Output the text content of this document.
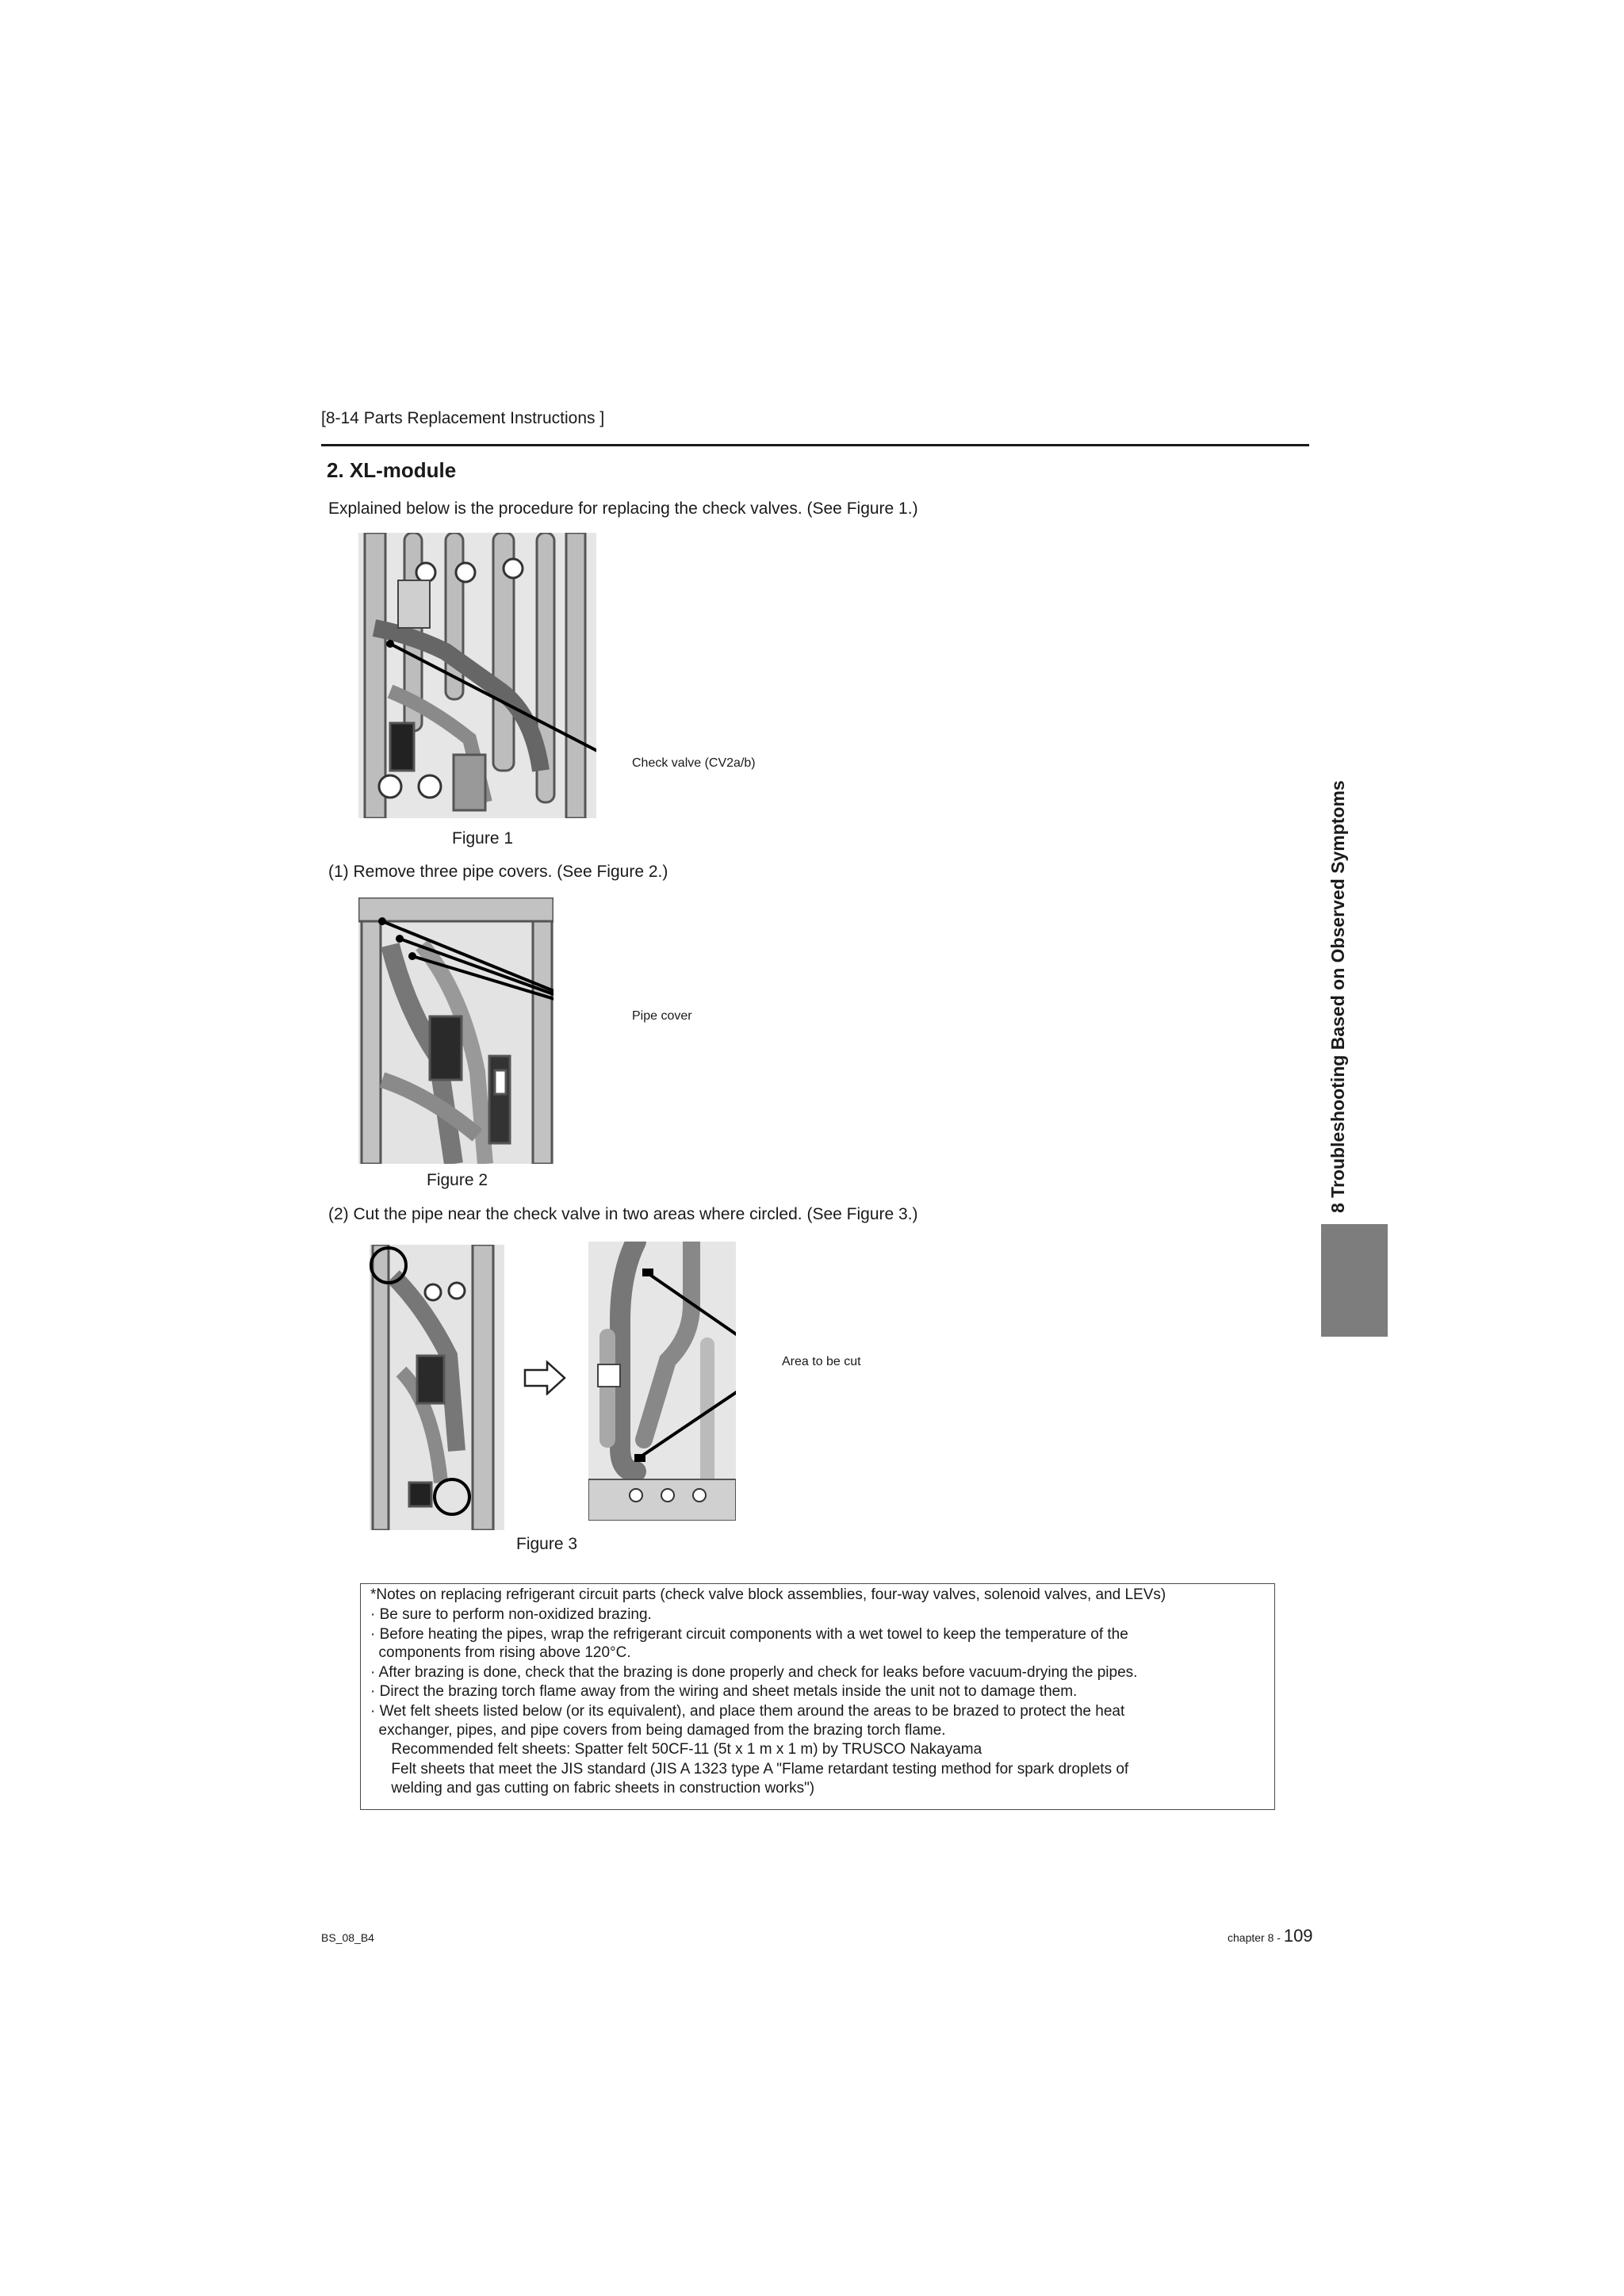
[8-14 Parts Replacement Instructions ]
2. XL-module
Explained below is the procedure for replacing the check valves. (See Figure 1.)
Check valve (CV2a/b)
Figure 1
(1) Remove three pipe covers. (See Figure 2.)
Pipe cover
Figure 2
(2) Cut the pipe near the check valve in two areas where circled. (See Figure 3.)
Area to be cut
Figure 3
8 Troubleshooting Based on Observed Symptoms
*Notes on replacing refrigerant circuit parts (check valve block assemblies, four-way valves, solenoid valves, and LEVs)
· Be sure to perform non-oxidized brazing.
· Before heating the pipes, wrap the refrigerant circuit components with a wet towel to keep the temperature of the
components from rising above 120°C.
· After brazing is done, check that the brazing is done properly and check for leaks before vacuum-drying the pipes.
· Direct the brazing torch flame away from the wiring and sheet metals inside the unit not to damage them.
· Wet felt sheets listed below (or its equivalent), and place them around the areas to be brazed to protect the heat
exchanger, pipes, and pipe covers from being damaged from the brazing torch flame.
Recommended felt sheets: Spatter felt 50CF-11 (5t x 1 m x 1 m) by TRUSCO Nakayama
Felt sheets that meet the JIS standard (JIS A 1323 type A "Flame retardant testing method for spark droplets of
welding and gas cutting on fabric sheets in construction works")
BS_08_B4	chapter 8 - 109
